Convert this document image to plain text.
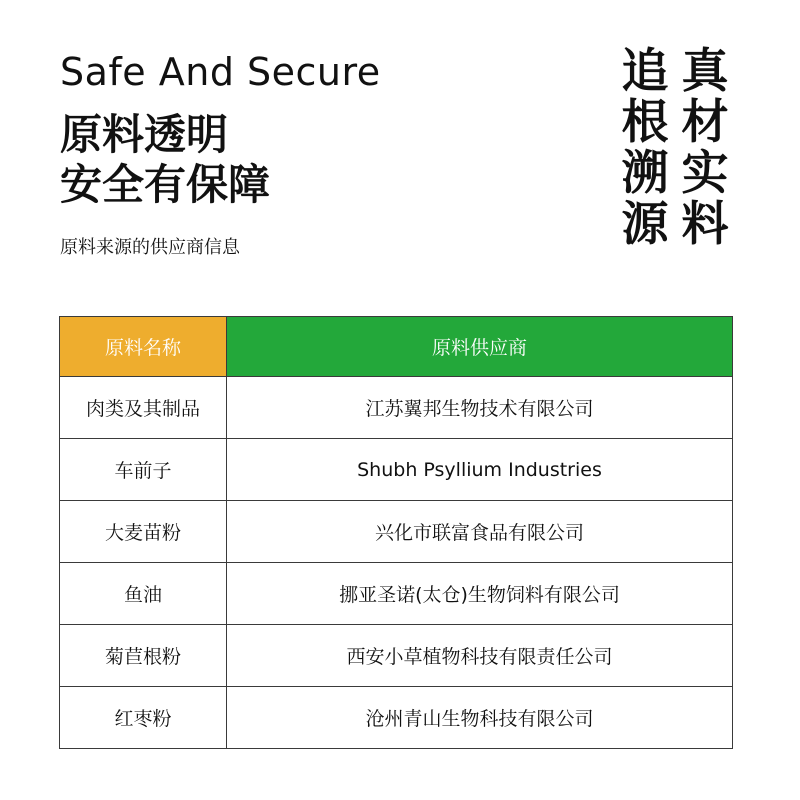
Safe And Secure
原料透明
安全有保障
原料来源的供应商信息
追 真
根 材
溯 实
源 料
原料名称	原料供应商
肉类及其制品	江苏翼邦生物技术有限公司
车前子	Shubh Psyllium Industries
大麦苗粉	兴化市联富食品有限公司
鱼油	挪亚圣诺(太仓)生物饲料有限公司
菊苣根粉	西安小草植物科技有限责任公司
红枣粉	沧州青山生物科技有限公司
